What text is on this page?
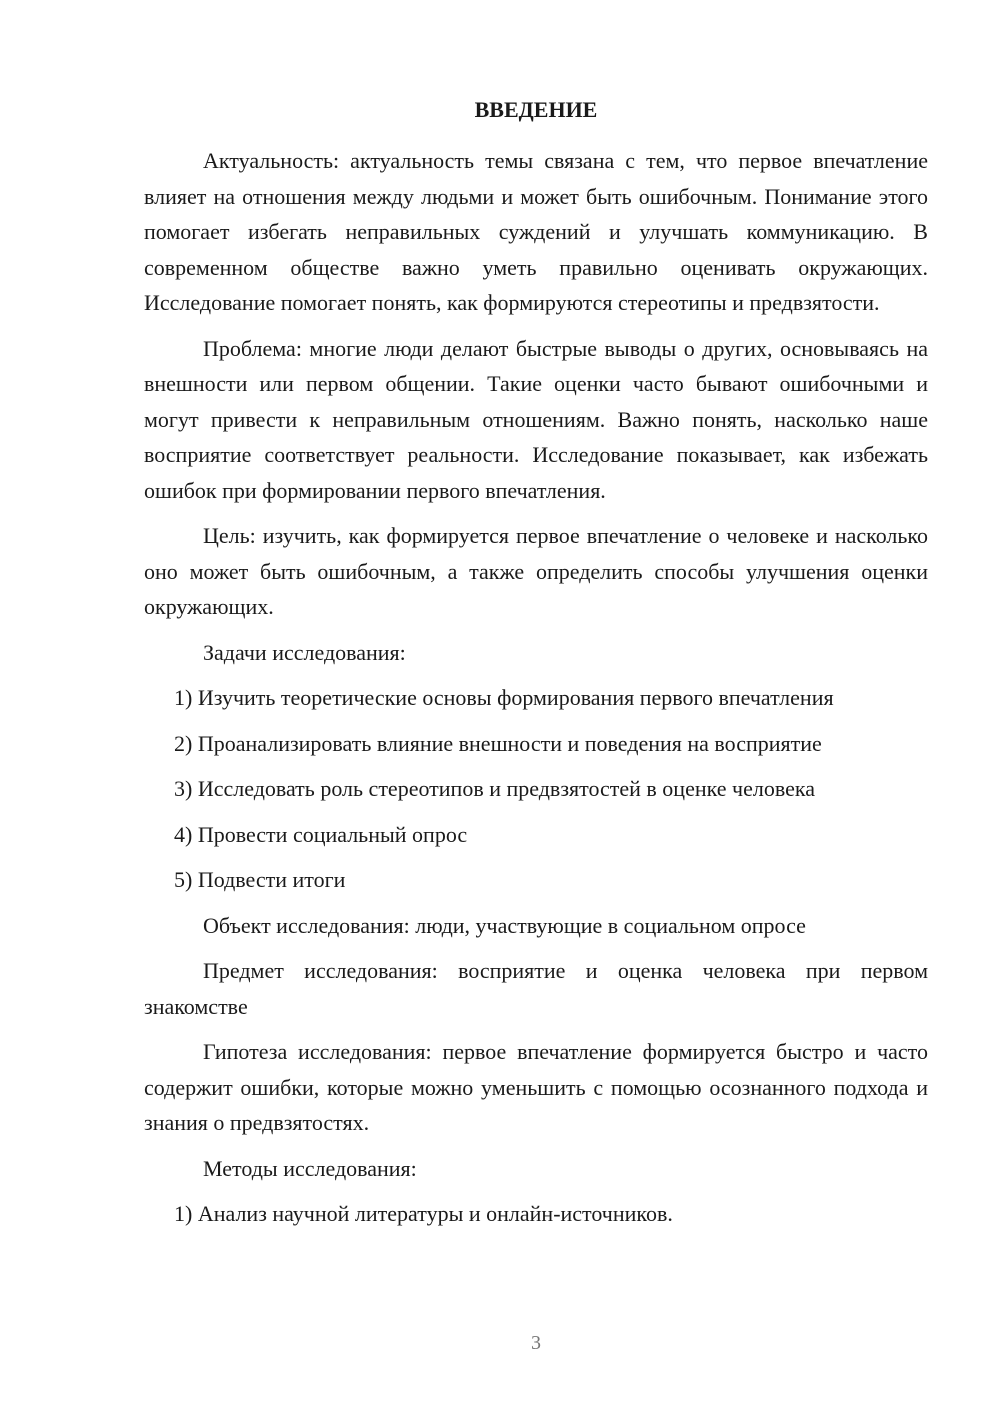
ВВЕДЕНИЕ

Актуальность: актуальность темы связана с тем, что первое впечатление влияет на отношения между людьми и может быть ошибочным. Понимание этого помогает избегать неправильных суждений и улучшать коммуникацию. В современном обществе важно уметь правильно оценивать окружающих. Исследование помогает понять, как формируются стереотипы и предвзятости.

Проблема: многие люди делают быстрые выводы о других, основываясь на внешности или первом общении. Такие оценки часто бывают ошибочными и могут привести к неправильным отношениям. Важно понять, насколько наше восприятие соответствует реальности. Исследование показывает, как избежать ошибок при формировании первого впечатления.

Цель: изучить, как формируется первое впечатление о человеке и насколько оно может быть ошибочным, а также определить способы улучшения оценки окружающих.

Задачи исследования:
1) Изучить теоретические основы формирования первого впечатления
2) Проанализировать влияние внешности и поведения на восприятие
3) Исследовать роль стереотипов и предвзятостей в оценке человека
4) Провести социальный опрос
5) Подвести итоги

Объект исследования: люди, участвующие в социальном опросе

Предмет исследования: восприятие и оценка человека при первом знакомстве

Гипотеза исследования: первое впечатление формируется быстро и часто содержит ошибки, которые можно уменьшить с помощью осознанного подхода и знания о предвзятостях.

Методы исследования:
1) Анализ научной литературы и онлайн-источников.
3
